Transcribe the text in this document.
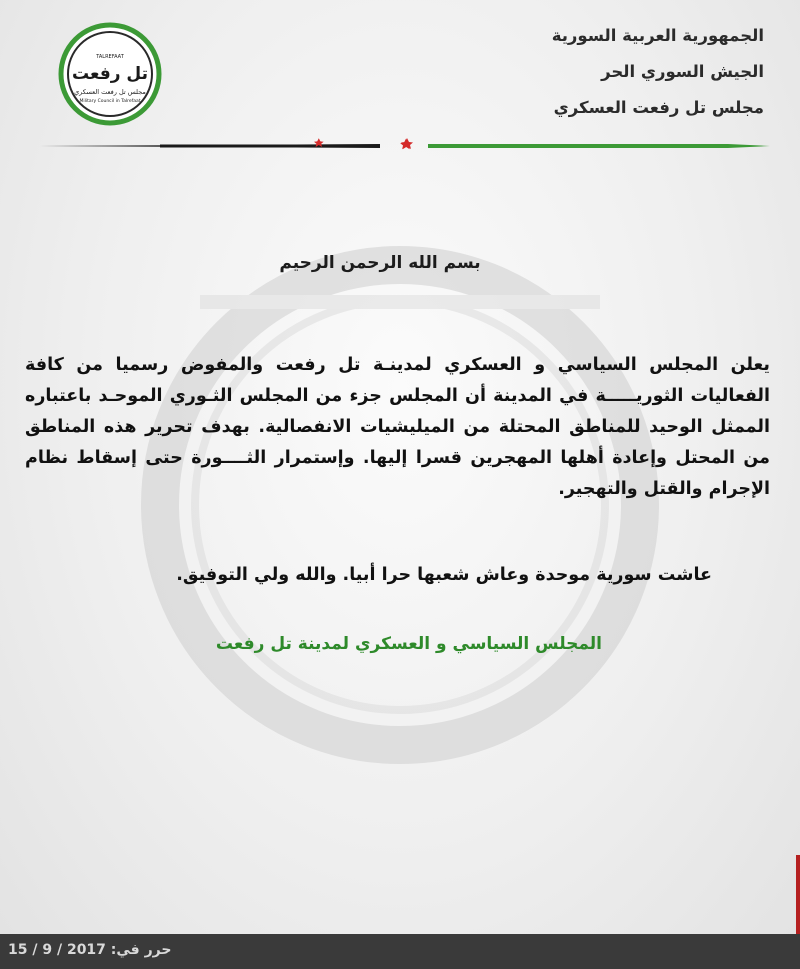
تل رفعت
مجلس تل رفعت العسكري
Military Council in Talrefaat
TALREFAAT
الجمهورية العربية السورية
الجيش السوري الحر
مجلس تل رفعت العسكري
بسم الله الرحمن الرحيم
يعلن المجلس السياسي و العسكري لمدينـة تل رفعت والمفوض رسميا من كافة الفعاليات الثوريـــــة في المدينة أن المجلس جزء من المجلس الثـوري الموحـد باعتباره الممثل الوحيد للمناطق المحتلة من الميليشيات الانفصالية. بهدف تحرير هذه المناطق من المحتل وإعادة أهلها المهجرين قسرا إليها. وإستمرار الثــــورة حتى إسقاط نظام الإجرام والقتل والتهجير.
عاشت سورية موحدة وعاش شعبها حرا أبيا. والله ولي التوفيق.
المجلس السياسي و العسكري لمدينة تل رفعت
حرر في: 15 / 9 / 2017
